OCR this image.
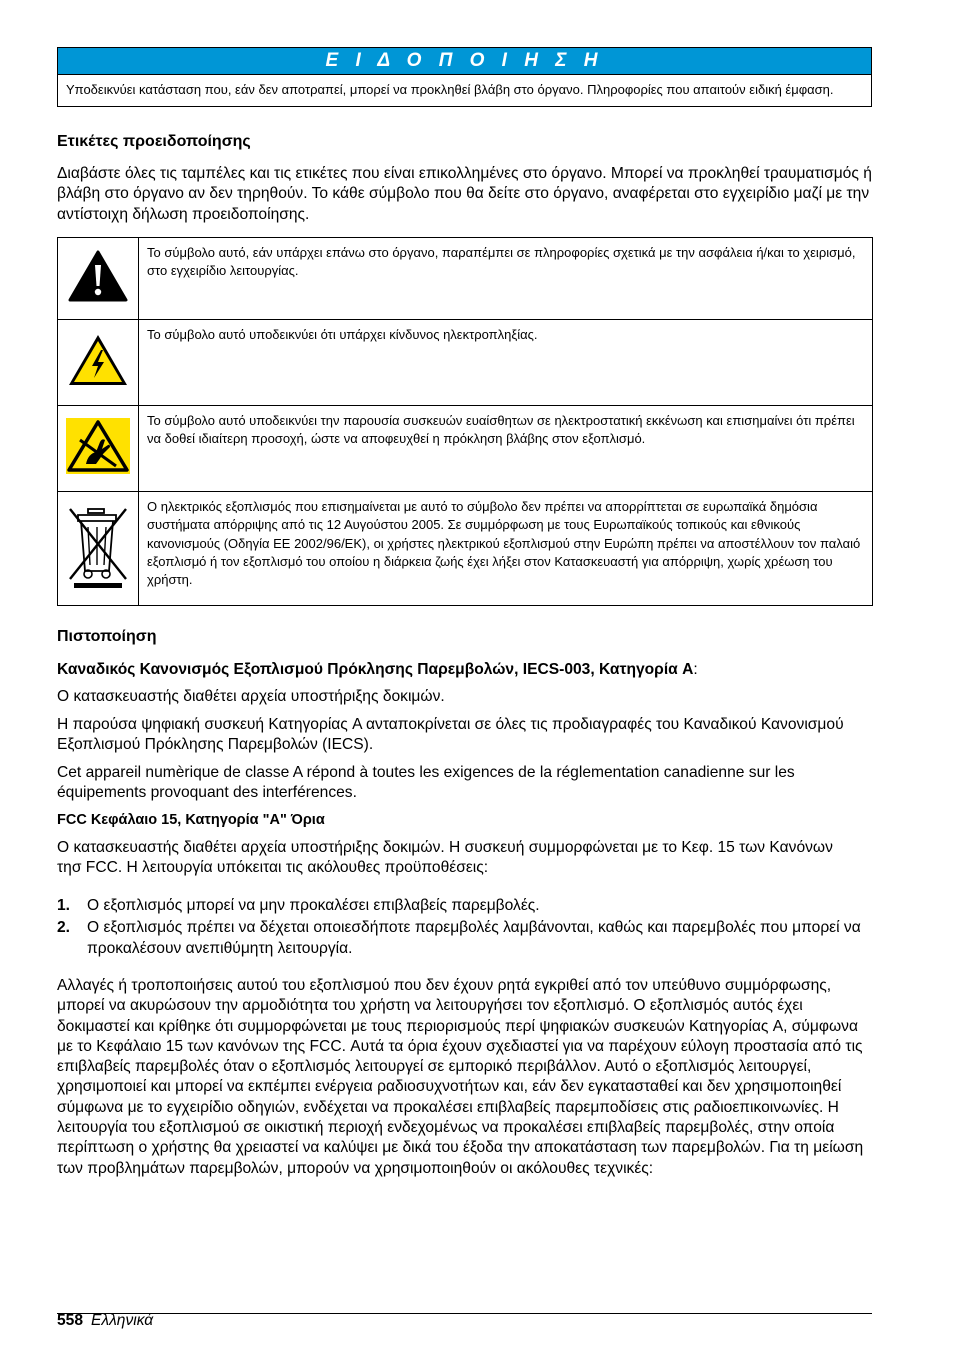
Ε Ι Δ Ο Π Ο Ι Η Σ Η
Υποδεικνύει κατάσταση που, εάν δεν αποτραπεί, μπορεί να προκληθεί βλάβη στο όργανο. Πληροφορίες που απαιτούν ειδική έμφαση.
Ετικέτες προειδοποίησης
Διαβάστε όλες τις ταμπέλες και τις ετικέτες που είναι επικολλημένες στο όργανο. Μπορεί να προκληθεί τραυματισμός ή βλάβη στο όργανο αν δεν τηρηθούν. Το κάθε σύμβολο που θα δείτε στο όργανο, αναφέρεται στο εγχειρίδιο μαζί με την αντίστοιχη δήλωση προειδοποίησης.
	Το σύμβολο αυτό, εάν υπάρχει επάνω στο όργανο, παραπέμπει σε πληροφορίες σχετικά με την ασφάλεια ή/και το χειρισμό, στο εγχειρίδιο λειτουργίας.
	Το σύμβολο αυτό υποδεικνύει ότι υπάρχει κίνδυνος ηλεκτροπληξίας.
	Το σύμβολο αυτό υποδεικνύει την παρουσία συσκευών ευαίσθητων σε ηλεκτροστατική εκκένωση και επισημαίνει ότι πρέπει να δοθεί ιδιαίτερη προσοχή, ώστε να αποφευχθεί η πρόκληση βλάβης στον εξοπλισμό.
	Ο ηλεκτρικός εξοπλισμός που επισημαίνεται με αυτό το σύμβολο δεν πρέπει να απορρίπτεται σε ευρωπαϊκά δημόσια συστήματα απόρριψης από τις 12 Αυγούστου 2005. Σε συμμόρφωση με τους Ευρωπαϊκούς τοπικούς και εθνικούς κανονισμούς (Οδηγία ΕΕ 2002/96/ΕΚ), οι χρήστες ηλεκτρικού εξοπλισμού στην Ευρώπη πρέπει να αποστέλλουν τον παλαιό εξοπλισμό ή τον εξοπλισμό του οποίου η διάρκεια ζωής έχει λήξει στον Κατασκευαστή για απόρριψη, χωρίς χρέωση του χρήστη.
Πιστοποίηση
Καναδικός Κανονισμός Εξοπλισμού Πρόκλησης Παρεμβολών, IECS-003, Κατηγορία A:
Ο κατασκευαστής διαθέτει αρχεία υποστήριξης δοκιμών.
Η παρούσα ψηφιακή συσκευή Κατηγορίας A ανταποκρίνεται σε όλες τις προδιαγραφές του Καναδικού Κανονισμού Εξοπλισμού Πρόκλησης Παρεμβολών (IECS).
Cet appareil numèrique de classe A répond à toutes les exigences de la réglementation canadienne sur les équipements provoquant des interférences.
FCC Κεφάλαιο 15, Κατηγορία "A" Όρια
Ο κατασκευαστής διαθέτει αρχεία υποστήριξης δοκιμών. Η συσκευή συμμορφώνεται με το Κεφ. 15 των Κανόνων τησ FCC. Η λειτουργία υπόκειται τις ακόλουθες προϋποθέσεις:
1. Ο εξοπλισμός μπορεί να μην προκαλέσει επιβλαβείς παρεμβολές.
2. Ο εξοπλισμός πρέπει να δέχεται οποιεσδήποτε παρεμβολές λαμβάνονται, καθώς και παρεμβολές που μπορεί να προκαλέσουν ανεπιθύμητη λειτουργία.
Αλλαγές ή τροποποιήσεις αυτού του εξοπλισμού που δεν έχουν ρητά εγκριθεί από τον υπεύθυνο συμμόρφωσης, μπορεί να ακυρώσουν την αρμοδιότητα του χρήστη να λειτουργήσει τον εξοπλισμό. Ο εξοπλισμός αυτός έχει δοκιμαστεί και κρίθηκε ότι συμμορφώνεται με τους περιορισμούς περί ψηφιακών συσκευών Κατηγορίας A, σύμφωνα με το Κεφάλαιο 15 των κανόνων της FCC. Αυτά τα όρια έχουν σχεδιαστεί για να παρέχουν εύλογη προστασία από τις επιβλαβείς παρεμβολές όταν ο εξοπλισμός λειτουργεί σε εμπορικό περιβάλλον. Αυτό ο εξοπλισμός λειτουργεί, χρησιμοποιεί και μπορεί να εκπέμπει ενέργεια ραδιοσυχνοτήτων και, εάν δεν εγκατασταθεί και δεν χρησιμοποιηθεί σύμφωνα με το εγχειρίδιο οδηγιών, ενδέχεται να προκαλέσει επιβλαβείς παρεμποδίσεις στις ραδιοεπικοινωνίες. Η λειτουργία του εξοπλισμού σε οικιστική περιοχή ενδεχομένως να προκαλέσει επιβλαβείς παρεμβολές, στην οποία περίπτωση ο χρήστης θα χρειαστεί να καλύψει με δικά του έξοδα την αποκατάσταση των παρεμβολών. Για τη μείωση των προβλημάτων παρεμβολών, μπορούν να χρησιμοποιηθούν οι ακόλουθες τεχνικές:
558 Ελληνικά
